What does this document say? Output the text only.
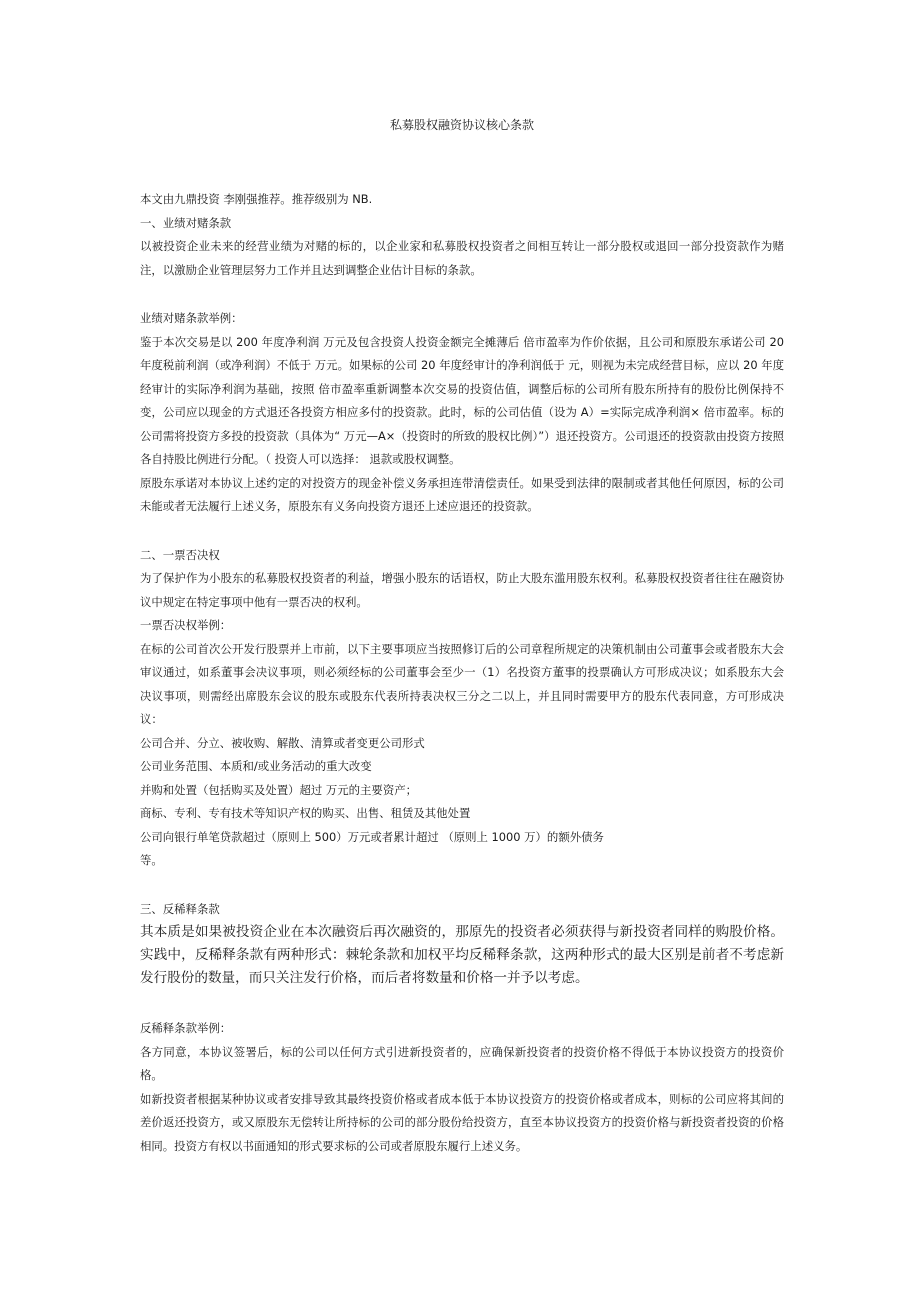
私募股权融资协议核心条款

本文由九鼎投资 李刚强推荐。推荐级别为 NB.

一、业绩对赌条款

以被投资企业未来的经营业绩为对赌的标的，以企业家和私募股权投资者之间相互转让一部分股权或退回一部分投资款作为赌注，以激励企业管理层努力工作并且达到调整企业估计目标的条款。

业绩对赌条款举例：

鉴于本次交易是以 200 年度净利润 万元及包含投资人投资金额完全摊薄后 倍市盈率为作价依据，且公司和原股东承诺公司 20 年度税前利润（或净利润）不低于 万元。如果标的公司 20 年度经审计的净利润低于 元，则视为未完成经营目标，应以 20 年度经审计的实际净利润为基础，按照 倍市盈率重新调整本次交易的投资估值，调整后标的公司所有股东所持有的股份比例保持不变，公司应以现金的方式退还各投资方相应多付的投资款。此时，标的公司估值（设为 A）=实际完成净利润× 倍市盈率。标的公司需将投资方多投的投资款（具体为“ 万元—A×（投资时的所致的股权比例）”）退还投资方。公司退还的投资款由投资方按照各自持股比例进行分配。（ 投资人可以选择： 退款或股权调整。

原股东承诺对本协议上述约定的对投资方的现金补偿义务承担连带清偿责任。如果受到法律的限制或者其他任何原因，标的公司未能或者无法履行上述义务，原股东有义务向投资方退还上述应退还的投资款。

二、一票否决权

为了保护作为小股东的私募股权投资者的利益，增强小股东的话语权，防止大股东滥用股东权利。私募股权投资者往往在融资协议中规定在特定事项中他有一票否决的权利。

一票否决权举例：

在标的公司首次公开发行股票并上市前，以下主要事项应当按照修订后的公司章程所规定的决策机制由公司董事会或者股东大会审议通过，如系董事会决议事项，则必须经标的公司董事会至少一（1）名投资方董事的投票确认方可形成决议；如系股东大会决议事项，则需经出席股东会议的股东或股东代表所持表决权三分之二以上，并且同时需要甲方的股东代表同意，方可形成决议：

公司合并、分立、被收购、解散、清算或者变更公司形式

公司业务范围、本质和/或业务活动的重大改变

并购和处置（包括购买及处置）超过 万元的主要资产；

商标、专利、专有技术等知识产权的购买、出售、租赁及其他处置

公司向银行单笔贷款超过（原则上 500）万元或者累计超过 （原则上 1000 万）的额外债务

等。

三、反稀释条款

其本质是如果被投资企业在本次融资后再次融资的，那原先的投资者必须获得与新投资者同样的购股价格。实践中，反稀释条款有两种形式：棘轮条款和加权平均反稀释条款，这两种形式的最大区别是前者不考虑新发行股份的数量，而只关注发行价格，而后者将数量和价格一并予以考虑。

反稀释条款举例：

各方同意，本协议签署后，标的公司以任何方式引进新投资者的，应确保新投资者的投资价格不得低于本协议投资方的投资价格。

如新投资者根据某种协议或者安排导致其最终投资价格或者成本低于本协议投资方的投资价格或者成本，则标的公司应将其间的差价返还投资方，或又原股东无偿转让所持标的公司的部分股份给投资方，直至本协议投资方的投资价格与新投资者投资的价格相同。投资方有权以书面通知的形式要求标的公司或者原股东履行上述义务。
